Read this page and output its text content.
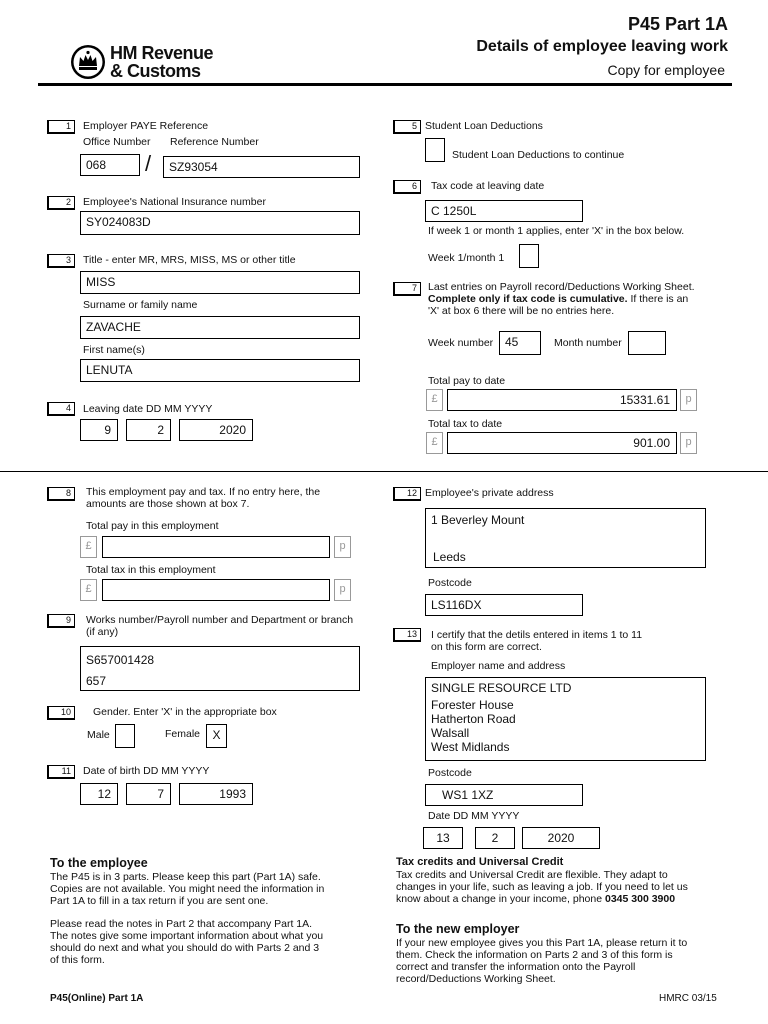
HM Revenue
& Customs
P45 Part 1A
Details of employee leaving work
Copy for employee
1	Employer PAYE Reference
Office Number Reference Number
068	/	SZ93054
2	Employee's National Insurance number
SY024083D
3	Title - enter MR, MRS, MISS, MS or other title
MISS
Surname or family name
ZAVACHE
First name(s)
LENUTA
4	Leaving date DD MM YYYY
9	2	2020
5 Student Loan Deductions
Student Loan Deductions to continue
6	Tax code at leaving date
C 1250L
If week 1 or month 1 applies, enter 'X' in the box below.
Week 1/month 1
7	Last entries on Payroll record/Deductions Working Sheet.
Complete only if tax code is cumulative. If there is an
'X' at box 6 there will be no entries here.
Week number 45	Month number
Total pay to date
£	15331.61	p
Total tax to date
£	901.00	p
8	This employment pay and tax. If no entry here, the
amounts are those shown at box 7.
Total pay in this employment
£	p
Total tax in this employment
£	p
9	Works number/Payroll number and Department or branch
(if any)
S657001428
657
10	Gender. Enter 'X' in the appropriate box
Male	Female	X
11	Date of birth DD MM YYYY
12	7	1993
12 Employee's private address
1 Beverley Mount
Leeds
Postcode
LS116DX
13	I certify that the detils entered in items 1 to 11
on this form are correct.
Employer name and address
SINGLE RESOURCE LTD
Forester House
Hatherton Road
Walsall
West Midlands
Postcode
WS1 1XZ
Date DD MM YYYY
13	2	2020
To the employee
The P45 is in 3 parts. Please keep this part (Part 1A) safe.
Copies are not available. You might need the information in
Part 1A to fill in a tax return if you are sent one.
Please read the notes in Part 2 that accompany Part 1A.
The notes give some important information about what you
should do next and what you should do with Parts 2 and 3
of this form.
Tax credits and Universal Credit
Tax credits and Universal Credit are flexible. They adapt to
changes in your life, such as leaving a job. If you need to let us
know about a change in your income, phone 0345 300 3900
To the new employer
If your new employee gives you this Part 1A, please return it to
them. Check the information on Parts 2 and 3 of this form is
correct and transfer the information onto the Payroll
record/Deductions Working Sheet.
P45(Online) Part 1A	HMRC 03/15
